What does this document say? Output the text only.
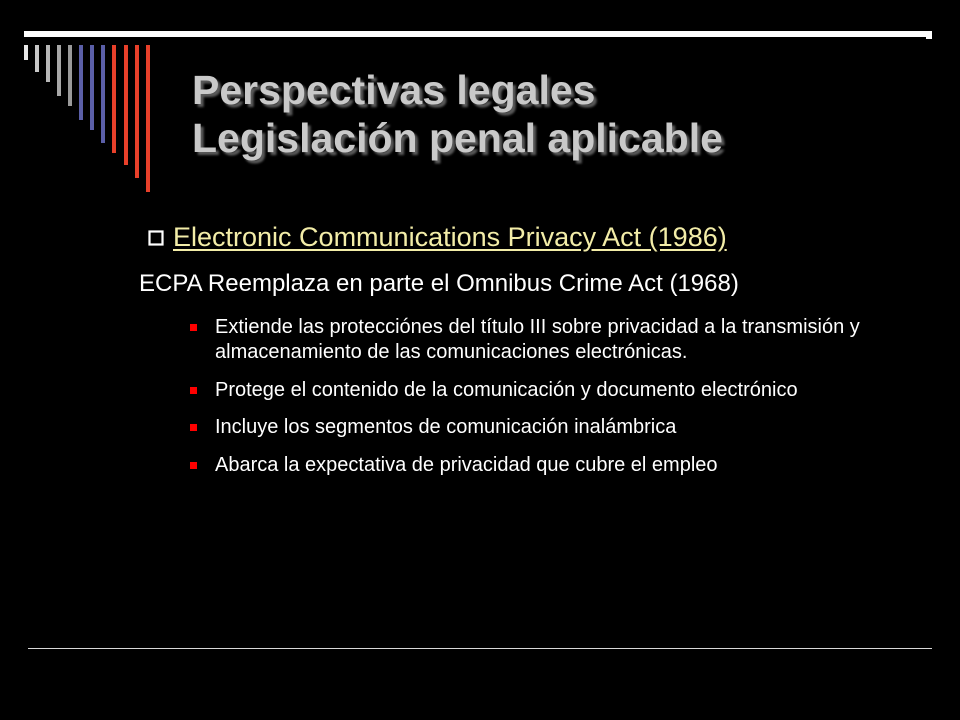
Perspectivas legales
Legislación penal aplicable
Electronic Communications Privacy Act (1986)
ECPA Reemplaza en parte el Omnibus Crime Act (1968)
Extiende las protecciónes del título III sobre privacidad a la transmisión y almacenamiento de las comunicaciones electrónicas.
Protege el contenido de la comunicación y documento electrónico
Incluye los segmentos de comunicación inalámbrica
Abarca la expectativa de privacidad que cubre el empleo
